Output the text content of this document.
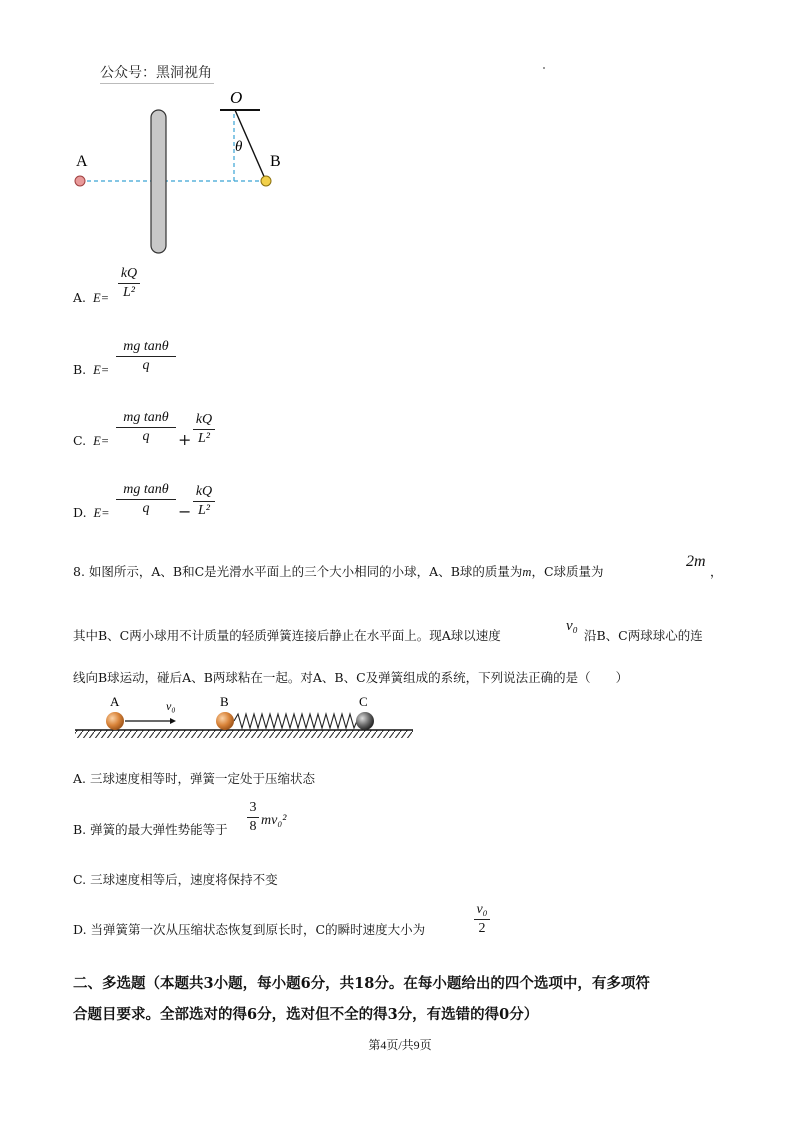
公众号：黑洞视角
A	B
O
θ
A. E=
kQ
L²
B. E=
mg tanθ
q
C. E=
mg tanθ
q	+
kQ
L²
D. E=
mg tanθ
q	−
kQ
L²
8. 如图所示，A、B和C是光滑水平面上的三个大小相同的小球，A、B球的质量为m，C球质量为
2m
，
其中B、C两小球用不计质量的轻质弹簧连接后静止在水平面上。现A球以速度
v₀
沿B、C两球球心的连
线向B球运动，碰后A、B两球粘在一起。对A、B、C及弹簧组成的系统，下列说法正确的是（　　）
A	v₀	B	C
A. 三球速度相等时，弹簧一定处于压缩状态
B. 弹簧的最大弹性势能等于
3
8 mv₀²
C. 三球速度相等后，速度将保持不变
D. 当弹簧第一次从压缩状态恢复到原长时，C的瞬时速度大小为
v₀
2
二、多选题（本题共3小题，每小题6分，共18分。在每小题给出的四个选项中，有多项符
合题目要求。全部选对的得6分，选对但不全的得3分，有选错的得0分）
第4页/共9页
